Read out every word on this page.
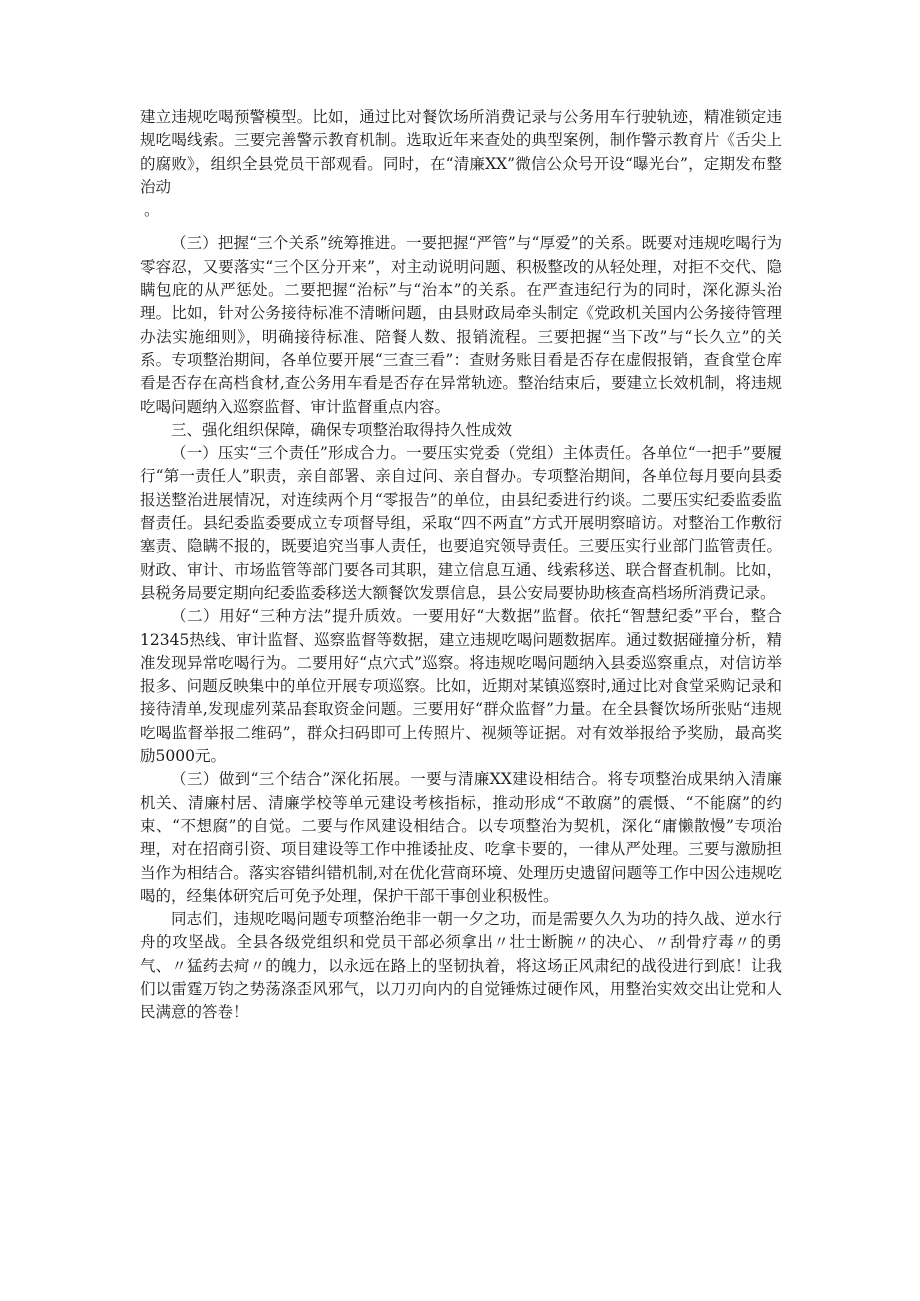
建立违规吃喝预警模型。比如，通过比对餐饮场所消费记录与公务用车行驶轨迹，精准锁定违规吃喝线索。三要完善警示教育机制。选取近年来查处的典型案例，制作警示教育片《舌尖上的腐败》，组织全县党员干部观看。同时，在“清廉XX”微信公众号开设“曝光台”，定期发布整治动

。

（三）把握“三个关系”统筹推进。一要把握“严管”与“厚爱”的关系。既要对违规吃喝行为零容忍，又要落实“三个区分开来”，对主动说明问题、积极整改的从轻处理，对拒不交代、隐瞒包庇的从严惩处。二要把握“治标”与“治本”的关系。在严查违纪行为的同时，深化源头治理。比如，针对公务接待标准不清晰问题，由县财政局牵头制定《党政机关国内公务接待管理办法实施细则》，明确接待标准、陪餐人数、报销流程。三要把握“当下改”与“长久立”的关系。专项整治期间，各单位要开展“三查三看”：查财务账目看是否存在虚假报销，查食堂仓库看是否存在高档食材,查公务用车看是否存在异常轨迹。整治结束后，要建立长效机制，将违规吃喝问题纳入巡察监督、审计监督重点内容。

三、强化组织保障，确保专项整治取得持久性成效

（一）压实“三个责任”形成合力。一要压实党委（党组）主体责任。各单位“一把手”要履行“第一责任人”职责，亲自部署、亲自过问、亲自督办。专项整治期间，各单位每月要向县委报送整治进展情况，对连续两个月“零报告”的单位，由县纪委进行约谈。二要压实纪委监委监督责任。县纪委监委要成立专项督导组，采取“四不两直”方式开展明察暗访。对整治工作敷衍塞责、隐瞒不报的，既要追究当事人责任，也要追究领导责任。三要压实行业部门监管责任。财政、审计、市场监管等部门要各司其职，建立信息互通、线索移送、联合督查机制。比如，县税务局要定期向纪委监委移送大额餐饮发票信息，县公安局要协助核查高档场所消费记录。

（二）用好“三种方法”提升质效。一要用好“大数据”监督。依托“智慧纪委”平台，整合12345热线、审计监督、巡察监督等数据，建立违规吃喝问题数据库。通过数据碰撞分析，精准发现异常吃喝行为。二要用好“点穴式”巡察。将违规吃喝问题纳入县委巡察重点，对信访举报多、问题反映集中的单位开展专项巡察。比如，近期对某镇巡察时,通过比对食堂采购记录和接待清单,发现虚列菜品套取资金问题。三要用好“群众监督”力量。在全县餐饮场所张贴“违规吃喝监督举报二维码”，群众扫码即可上传照片、视频等证据。对有效举报给予奖励，最高奖励5000元。

（三）做到“三个结合”深化拓展。一要与清廉XX建设相结合。将专项整治成果纳入清廉机关、清廉村居、清廉学校等单元建设考核指标，推动形成“不敢腐”的震慑、“不能腐”的约束、“不想腐”的自觉。二要与作风建设相结合。以专项整治为契机，深化“庸懒散慢”专项治理，对在招商引资、项目建设等工作中推诿扯皮、吃拿卡要的，一律从严处理。三要与激励担当作为相结合。落实容错纠错机制,对在优化营商环境、处理历史遗留问题等工作中因公违规吃喝的，经集体研究后可免予处理，保护干部干事创业积极性。

同志们，违规吃喝问题专项整治绝非一朝一夕之功，而是需要久久为功的持久战、逆水行舟的攻坚战。全县各级党组织和党员干部必须拿出〃壮士断腕〃的决心、〃刮骨疗毒〃的勇气、〃猛药去疴〃的魄力，以永远在路上的坚韧执着，将这场正风肃纪的战役进行到底！让我们以雷霆万钧之势荡涤歪风邪气，以刀刃向内的自觉锤炼过硬作风，用整治实效交出让党和人民满意的答卷！
